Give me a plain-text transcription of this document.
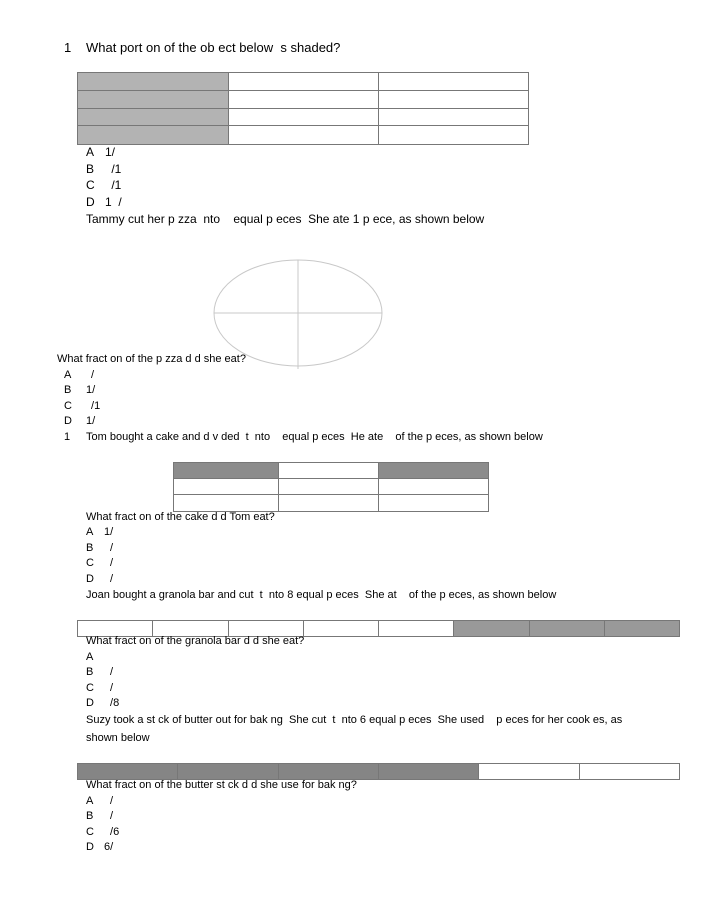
1 What port on of the ob ect below  s shaded?
A 1/
B /1
C /1
D 1  /
Tammy cut her p zza  nto    equal p eces  She ate 1 p ece, as shown below
What fract on of the p zza d d she eat?
A /
B 1/
C /1
D 1/
1 Tom bought a cake and d v ded  t  nto    equal p eces  He ate    of the p eces, as shown below
What fract on of the cake d d Tom eat?
A 1/
B /
C /
D /
Joan bought a granola bar and cut  t  nto 8 equal p eces  She at    of the p eces, as shown below
What fract on of the granola bar d d she eat?
A
B /
C /
D /8
Suzy took a st ck of butter out for bak ng  She cut  t  nto 6 equal p eces  She used    p eces for her cook es, as
shown below
What fract on of the butter st ck d d she use for bak ng?
A /
B /
C /6
D 6/
